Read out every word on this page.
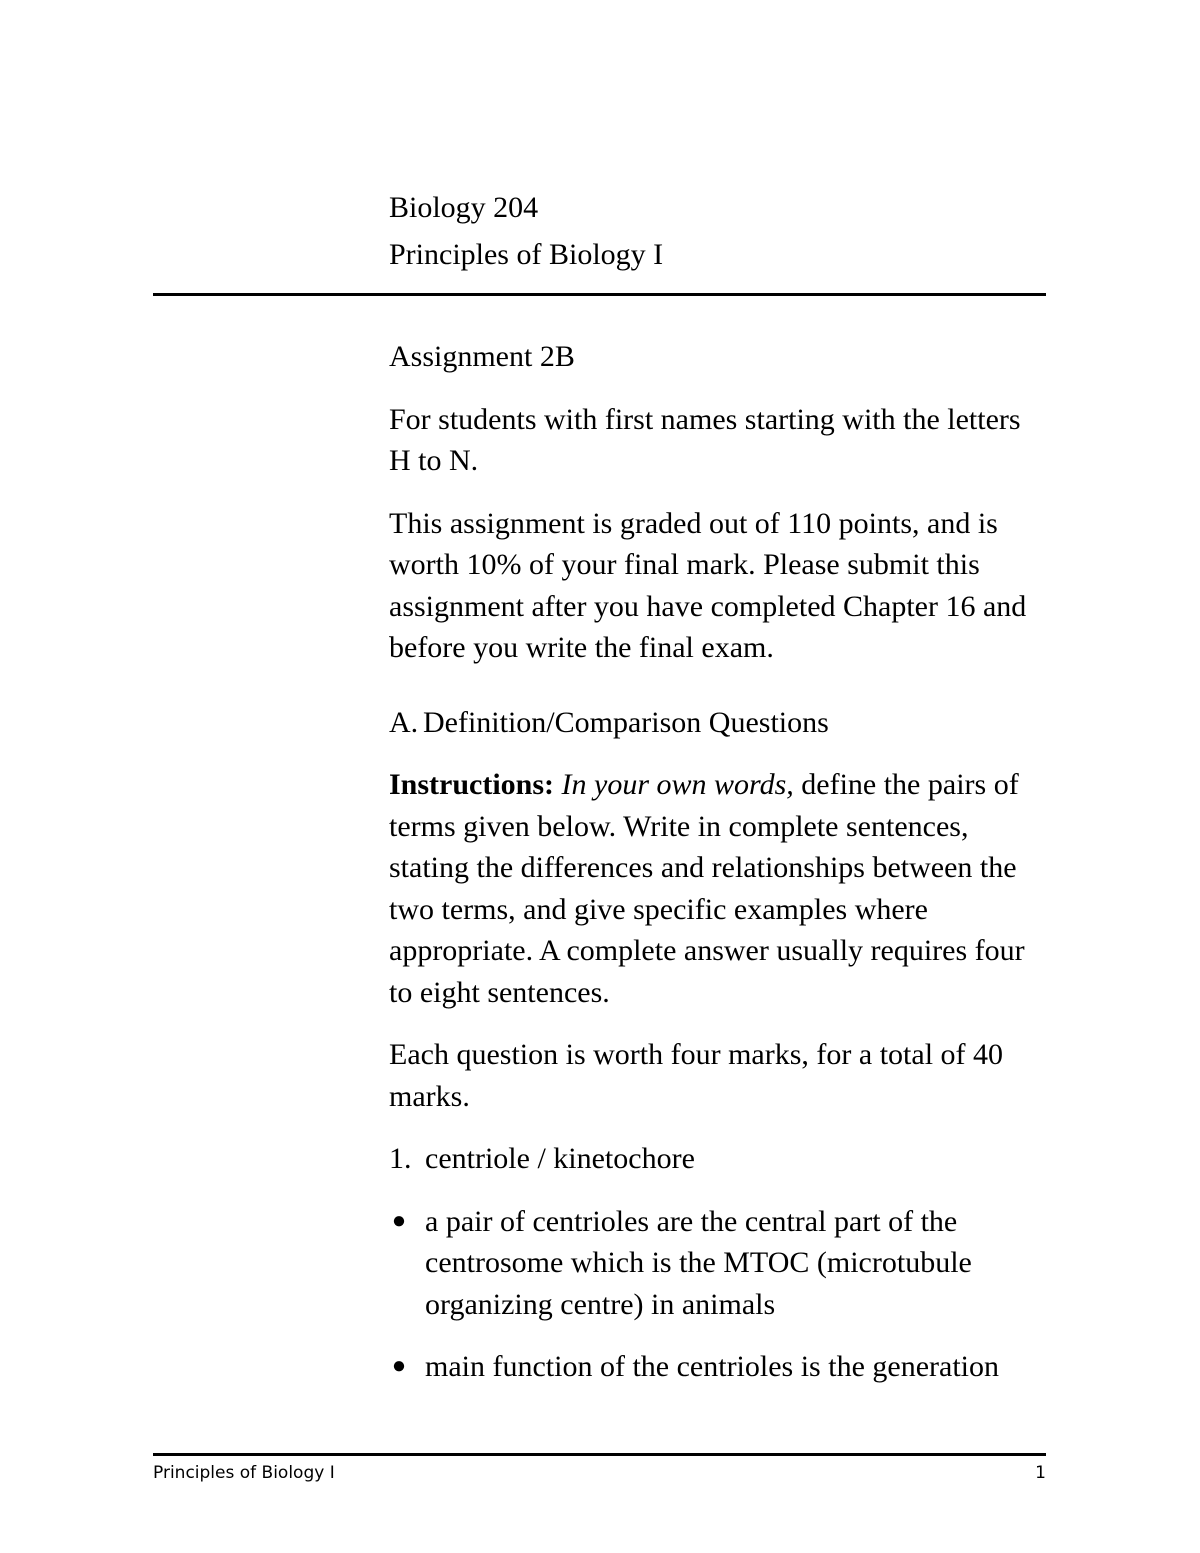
Biology 204
Principles of Biology I

Assignment 2B

For students with first names starting with the letters H to N.

This assignment is graded out of 110 points, and is worth 10% of your final mark. Please submit this assignment after you have completed Chapter 16 and before you write the final exam.

A. Definition/Comparison Questions

Instructions: In your own words, define the pairs of terms given below. Write in complete sentences, stating the differences and relationships between the two terms, and give specific examples where appropriate. A complete answer usually requires four to eight sentences.

Each question is worth four marks, for a total of 40 marks.

1. centriole / kinetochore

● a pair of centrioles are the central part of the centrosome which is the MTOC (microtubule organizing centre) in animals

● main function of the centrioles is the generation

Principles of Biology I	1
